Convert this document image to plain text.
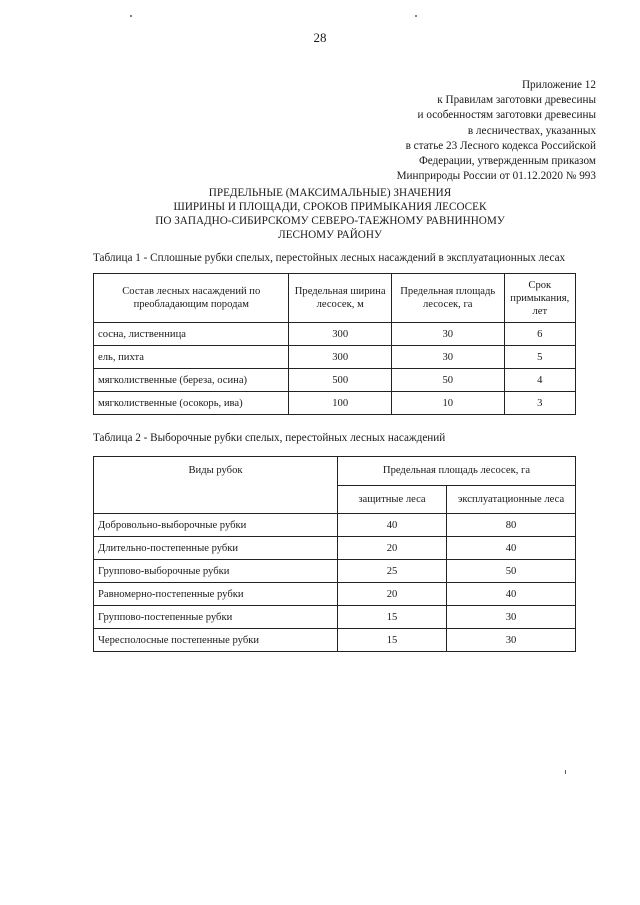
28
Приложение 12
к Правилам заготовки древесины
и особенностям заготовки древесины
в лесничествах, указанных
в статье 23 Лесного кодекса Российской
Федерации, утвержденным приказом
Минприроды России от 01.12.2020 № 993
ПРЕДЕЛЬНЫЕ (МАКСИМАЛЬНЫЕ) ЗНАЧЕНИЯ
ШИРИНЫ И ПЛОЩАДИ, СРОКОВ ПРИМЫКАНИЯ ЛЕСОСЕК
ПО ЗАПАДНО-СИБИРСКОМУ СЕВЕРО-ТАЕЖНОМУ РАВНИННОМУ
ЛЕСНОМУ РАЙОНУ
Таблица 1 - Сплошные рубки спелых, перестойных лесных насаждений в эксплуатационных лесах
Состав лесных насаждений по преобладающим породам	Предельная ширина лесосек, м	Предельная площадь лесосек, га	Срок примыкания, лет
сосна, лиственница	300	30	6
ель, пихта	300	30	5
мягколиственные (береза, осина)	500	50	4
мягколиственные (осокорь, ива)	100	10	3
Таблица 2 - Выборочные рубки спелых, перестойных лесных насаждений
Виды рубок	Предельная площадь лесосек, га	
	защитные леса	эксплуатационные леса
Добровольно-выборочные рубки	40	80
Длительно-постепенные рубки	20	40
Группово-выборочные рубки	25	50
Равномерно-постепенные рубки	20	40
Группово-постепенные рубки	15	30
Чересполосные постепенные рубки	15	30
